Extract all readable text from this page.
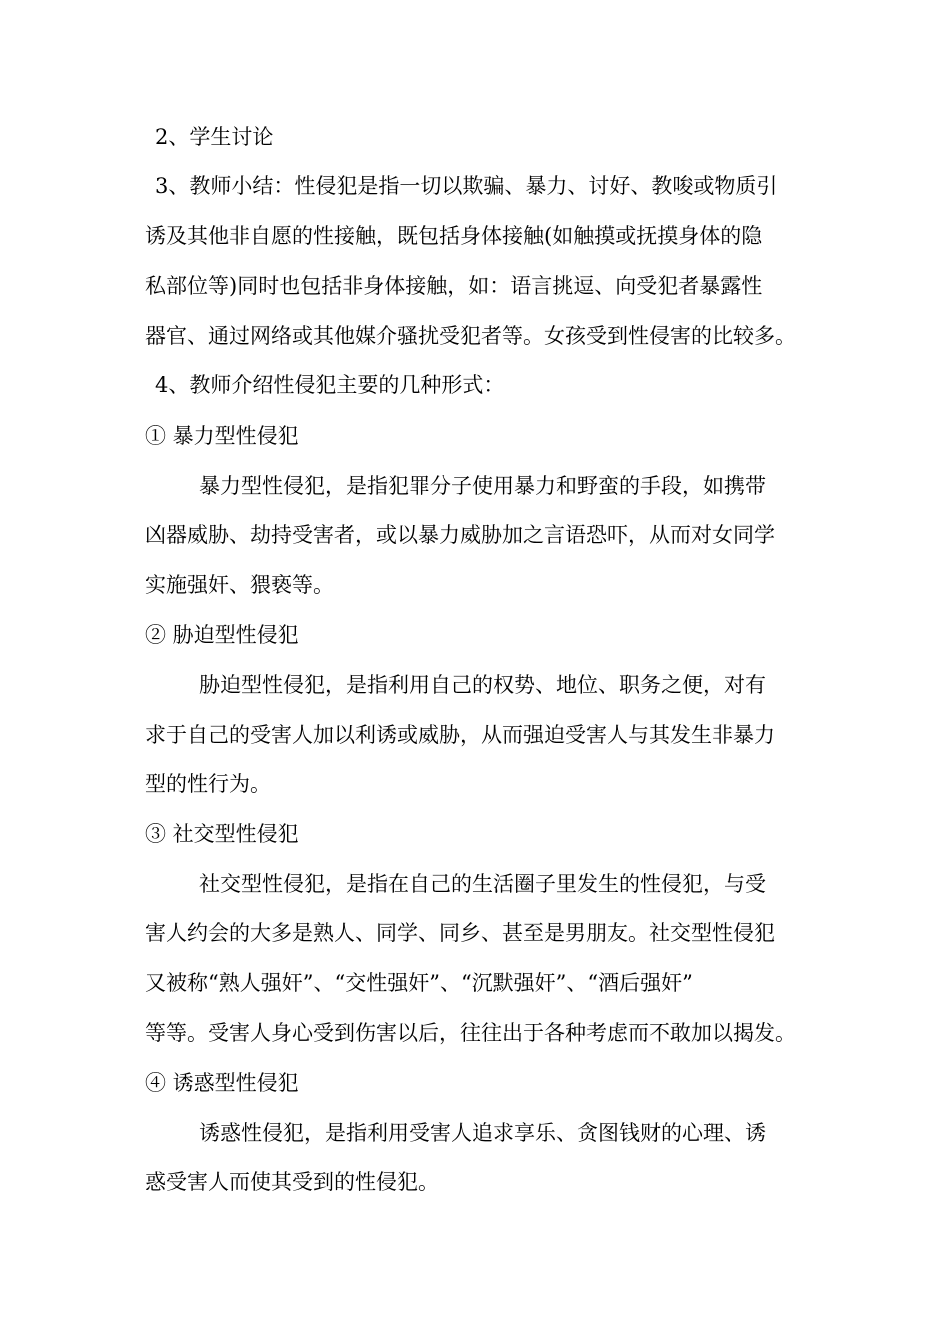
2、学生讨论
3、教师小结：性侵犯是指一切以欺骗、暴力、讨好、教唆或物质引
诱及其他非自愿的性接触，既包括身体接触(如触摸或抚摸身体的隐
私部位等)同时也包括非身体接触，如：语言挑逗、向受犯者暴露性
器官、通过网络或其他媒介骚扰受犯者等。女孩受到性侵害的比较多。
4、教师介绍性侵犯主要的几种形式：
① 暴力型性侵犯
暴力型性侵犯，是指犯罪分子使用暴力和野蛮的手段，如携带
凶器威胁、劫持受害者，或以暴力威胁加之言语恐吓，从而对女同学
实施强奸、猥亵等。
② 胁迫型性侵犯
胁迫型性侵犯，是指利用自己的权势、地位、职务之便，对有
求于自己的受害人加以利诱或威胁，从而强迫受害人与其发生非暴力
型的性行为。
③ 社交型性侵犯
社交型性侵犯，是指在自己的生活圈子里发生的性侵犯，与受
害人约会的大多是熟人、同学、同乡、甚至是男朋友。社交型性侵犯
又被称“熟人强奸”、“交性强奸”、“沉默强奸”、“酒后强奸”
等等。受害人身心受到伤害以后，往往出于各种考虑而不敢加以揭发。
④ 诱惑型性侵犯
诱惑性侵犯，是指利用受害人追求享乐、贪图钱财的心理、诱
惑受害人而使其受到的性侵犯。
